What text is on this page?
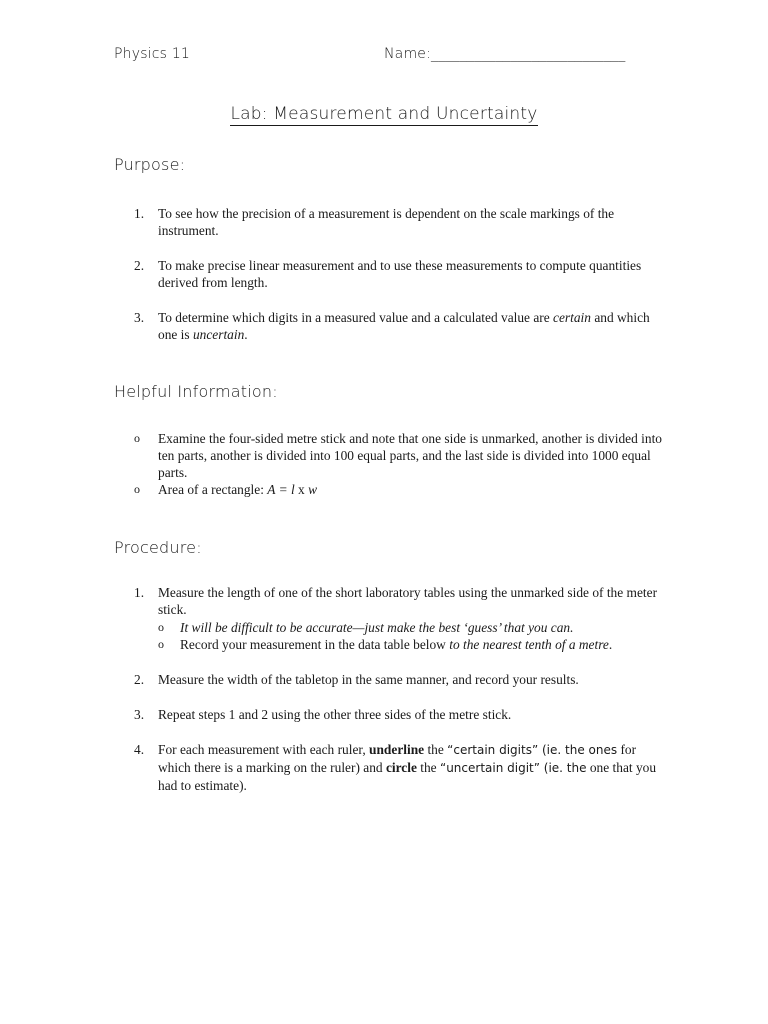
Physics 11	Name:___________________________
Lab: Measurement and Uncertainty
Purpose:
1.	To see how the precision of a measurement is dependent on the scale markings of the instrument.
2.	To make precise linear measurement and to use these measurements to compute quantities derived from length.
3.	To determine which digits in a measured value and a calculated value are certain and which one is uncertain.
Helpful Information:
o Examine the four-sided metre stick and note that one side is unmarked, another is divided into ten parts, another is divided into 100 equal parts, and the last side is divided into 1000 equal parts.
o Area of a rectangle: A = l x w
Procedure:
1.	Measure the length of one of the short laboratory tables using the unmarked side of the meter stick.
o It will be difficult to be accurate—just make the best ‘guess’ that you can.
o Record your measurement in the data table below to the nearest tenth of a metre.
2.	Measure the width of the tabletop in the same manner, and record your results.
3.	Repeat steps 1 and 2 using the other three sides of the metre stick.
4.	For each measurement with each ruler, underline the “certain digits” (ie. the ones for which there is a marking on the ruler) and circle the “uncertain digit” (ie. the one that you had to estimate).
